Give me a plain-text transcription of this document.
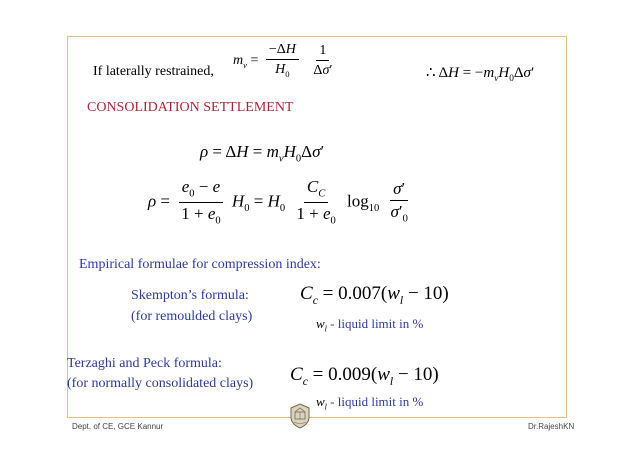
If laterally restrained,
$m_v = \frac{-\Delta H}{H_0}$
$\frac{1}{\Delta\sigma'}$	∴ $\Delta H = -m_vH_0\Delta\sigma'$
CONSOLIDATION SETTLEMENT
$\rho = \Delta H = m_vH_0\Delta\sigma'$
$\rho = \frac{e_0 - e}{1 + e_0} H_0 = H_0 \frac{C_C}{1 + e_0} \log_{10} \frac{\sigma'}{\sigma'_0}$
Empirical formulae for compression index:
Skempton’s formula:
(for remoulded clays)
$C_c = 0.007(w_l - 10)$
$w_l$ - liquid limit in %
Terzaghi and Peck formula:
(for normally consolidated clays) $C_c = 0.009(w_l - 10)$
$w_l$ - liquid limit in %
Dept. of CE, GCE Kannur	Dr.RajeshKN
